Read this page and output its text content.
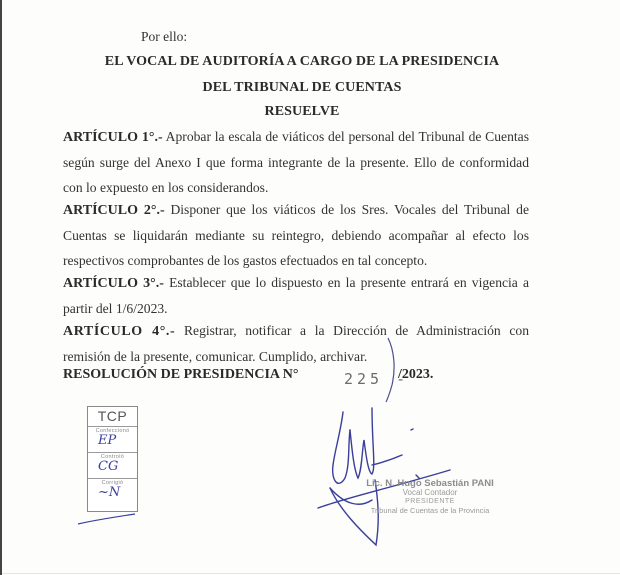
Por ello:
EL VOCAL DE AUDITORÍA A CARGO DE LA PRESIDENCIA
DEL TRIBUNAL DE CUENTAS
RESUELVE
ARTÍCULO 1°.- Aprobar la escala de viáticos del personal del Tribunal de Cuentas según surge del Anexo I que forma integrante de la presente. Ello de conformidad con lo expuesto en los considerandos.
ARTÍCULO 2°.- Disponer que los viáticos de los Sres. Vocales del Tribunal de Cuentas se liquidarán mediante su reintegro, debiendo acompañar al efecto los respectivos comprobantes de los gastos efectuados en tal concepto.
ARTÍCULO 3°.- Establecer que lo dispuesto en la presente entrará en vigencia a partir del 1/6/2023.
ARTÍCULO 4°.- Registrar, notificar a la Dirección de Administración con remisión de la presente, comunicar. Cumplido, archivar.
RESOLUCIÓN DE PRESIDENCIA N°	225 -
/2023.
TCP
Confeccionó
EP
Controló
CG
Corrigió
~N
Lic. N. Hugo Sebastián PANI
Vocal Contador
PRESIDENTE
Tribunal de Cuentas de la Provincia
